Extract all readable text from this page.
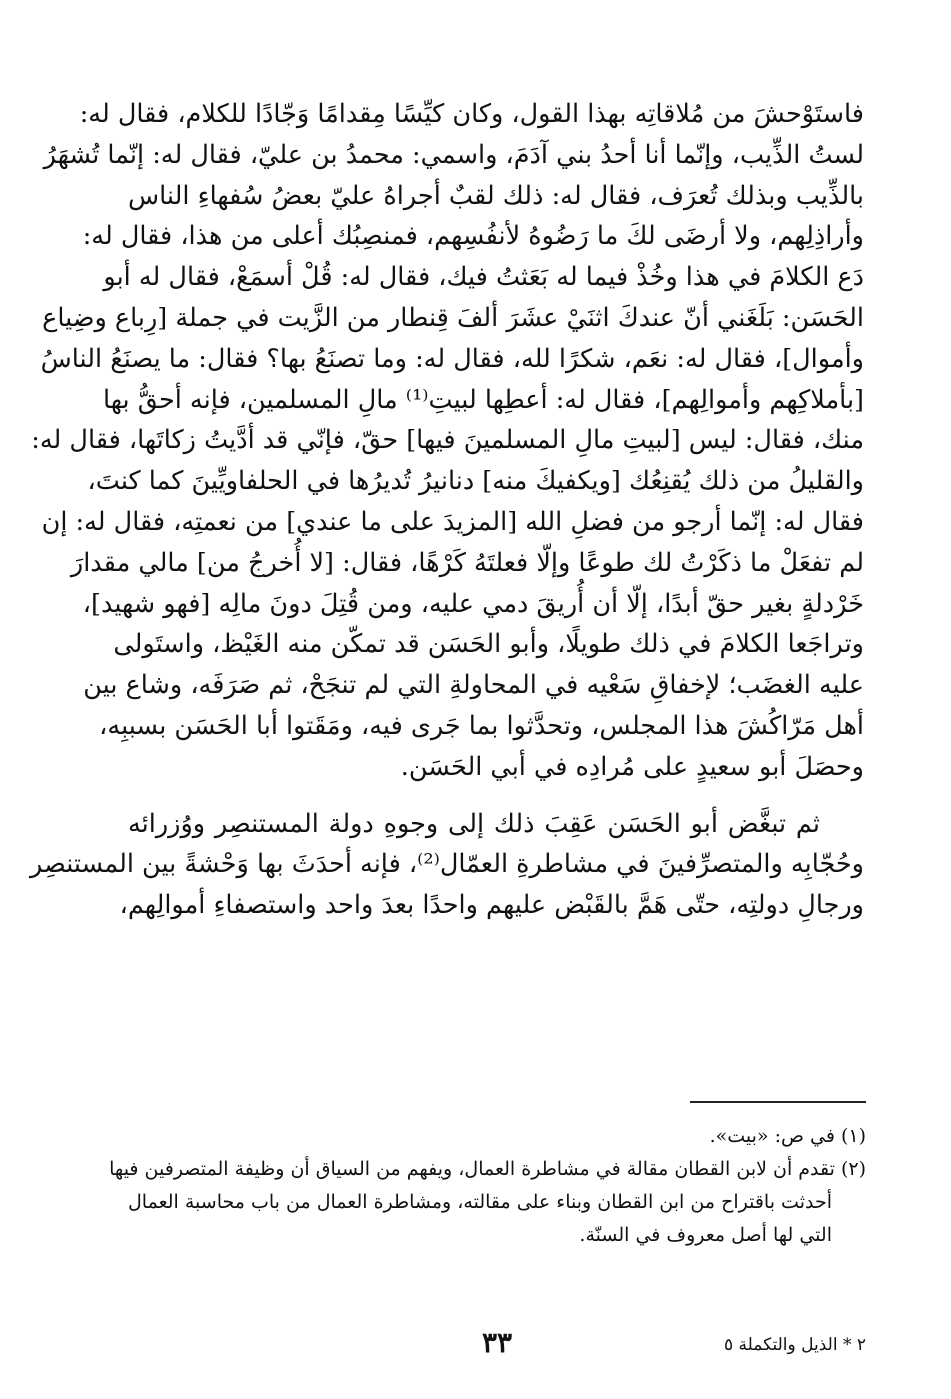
فاستَوْحشَ من مُلاقاتِه بهذا القول، وكان كيِّسًا مِقدامًا وَجّادًا للكلام، فقال له:
لستُ الذِّيب، وإنّما أنا أحدُ بني آدَمَ، واسمي: محمدُ بن عليّ، فقال له: إنّما تُشهَرُ
بالذِّيب وبذلك تُعرَف، فقال له: ذلك لقبٌ أجراهُ عليّ بعضُ سُفهاءِ الناس
وأراذِلِهم، ولا أرضَى لكَ ما رَضُوهُ لأنفُسِهم، فمنصِبُك أعلى من هذا، فقال له:
دَع الكلامَ في هذا وخُذْ فيما له بَعَثتُ فيك، فقال له: قُلْ أسمَعْ، فقال له أبو
الحَسَن: بَلَغَني أنّ عندكَ اثنَيْ عشَرَ ألفَ قِنطار من الزَّيت في جملة [رِباع وضِياع
وأموال]، فقال له: نعَم، شكرًا لله، فقال له: وما تصنَعُ بها؟ فقال: ما يصنَعُ الناسُ
[بأملاكِهم وأموالِهم]، فقال له: أعطِها لبيتِ⁽¹⁾ مالِ المسلمين، فإنه أحقُّ بها
منك، فقال: ليس [لبيتِ مالِ المسلمينَ فيها] حقّ، فإنّي قد أدَّيتُ زكاتَها، فقال له:
والقليلُ من ذلك يُقنِعُك [ويكفيكَ منه] دنانيرُ تُديرُها في الحلفاويِّينَ كما كنتَ،
فقال له: إنّما أرجو من فضلِ الله [المزيدَ على ما عندي] من نعمتِه، فقال له: إن
لم تفعَلْ ما ذكَرْتُ لك طوعًا وإلّا فعلتَهُ كَرْهًا، فقال: [لا أُخرجُ من] مالي مقدارَ
خَرْدلةٍ بغير حقّ أبدًا، إلّا أن أُريقَ دمي عليه، ومن قُتِلَ دونَ مالِه [فهو شهيد]،
وتراجَعا الكلامَ في ذلك طويلًا، وأبو الحَسَن قد تمكّن منه الغَيْظ، واستَولى
عليه الغضَب؛ لإخفاقِ سَعْيه في المحاولةِ التي لم تنجَحْ، ثم صَرَفَه، وشاع بين
أهل مَرّاكُشَ هذا المجلس، وتحدَّثوا بما جَرى فيه، ومَقَتوا أبا الحَسَن بسببِه،
وحصَلَ أبو سعيدٍ على مُرادِه في أبي الحَسَن.
ثم تبغَّض أبو الحَسَن عَقِبَ ذلك إلى وجوهِ دولة المستنصِر ووُزرائه
وحُجّابِه والمتصرِّفينَ في مشاطرةِ العمّال⁽²⁾، فإنه أحدَثَ بها وَحْشةً بين المستنصِر
ورجالِ دولتِه، حتّى هَمَّ بالقَبْض عليهم واحدًا بعدَ واحد واستصفاءِ أموالِهم،
(١) في ص: «بيت».
(٢) تقدم أن لابن القطان مقالة في مشاطرة العمال، ويفهم من السياق أن وظيفة المتصرفين فيها
أحدثت باقتراح من ابن القطان وبناء على مقالته، ومشاطرة العمال من باب محاسبة العمال
التي لها أصل معروف في السنّة.
٢ * الذيل والتكملة ٥
٣٣
